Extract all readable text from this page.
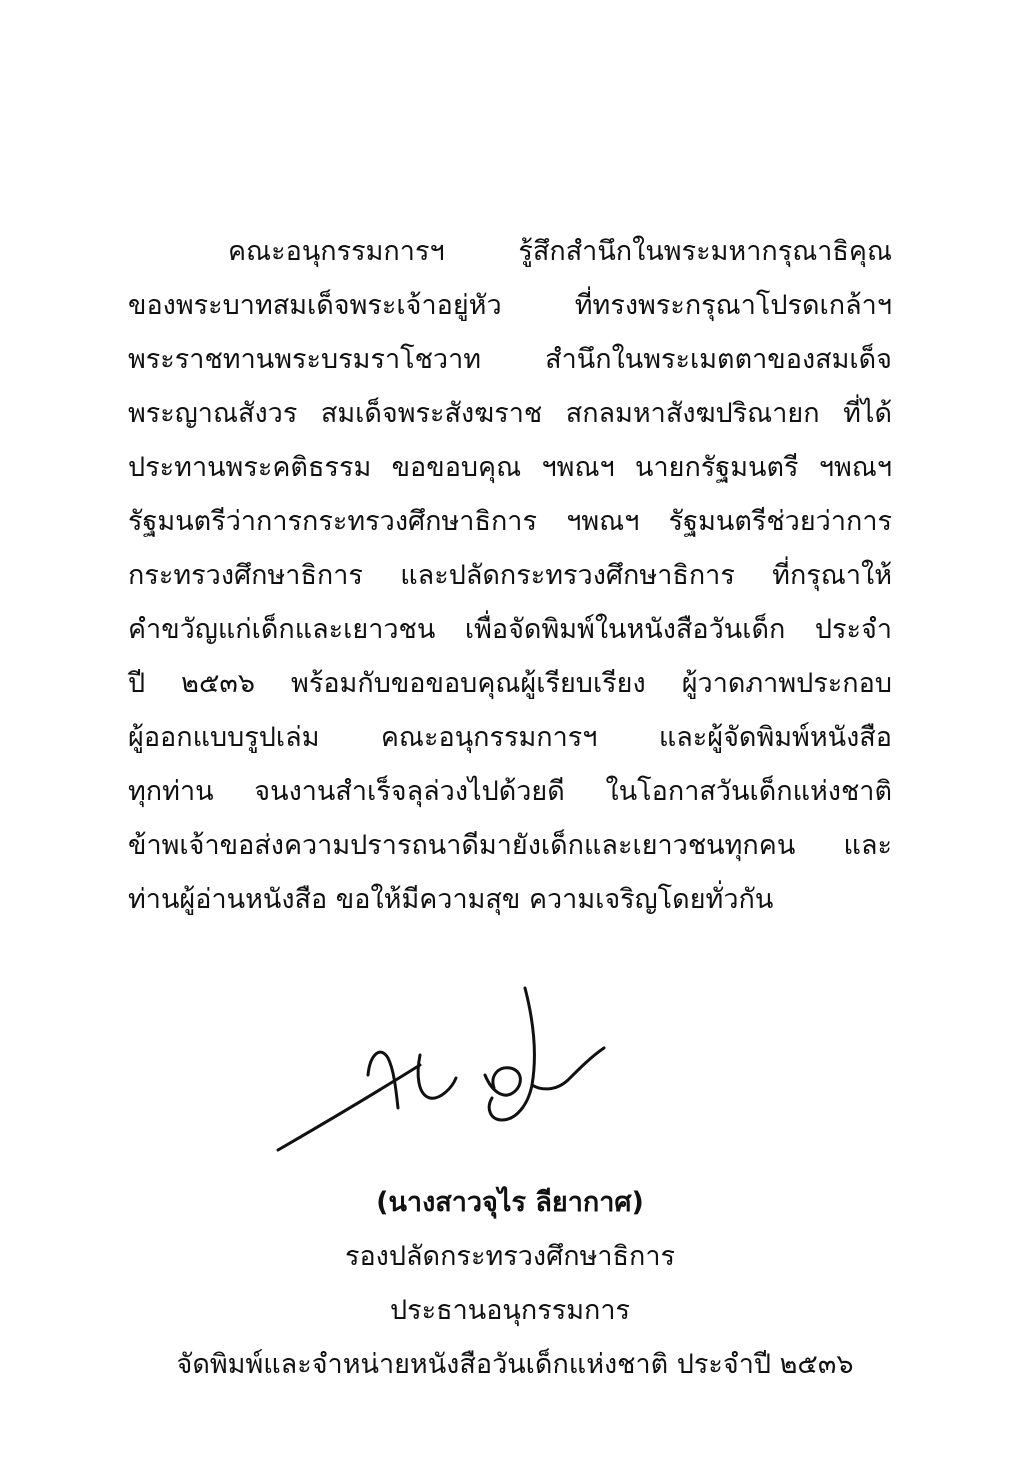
คณะอนุกรรมการฯ รู้สึกสำนึกในพระมหากรุณาธิคุณ
ของพระบาทสมเด็จพระเจ้าอยู่หัว ที่ทรงพระกรุณาโปรดเกล้าฯ
พระราชทานพระบรมราโชวาท สำนึกในพระเมตตาของสมเด็จ
พระญาณสังวร สมเด็จพระสังฆราช สกลมหาสังฆปริณายก ที่ได้
ประทานพระคติธรรม ขอขอบคุณ ฯพณฯ นายกรัฐมนตรี ฯพณฯ
รัฐมนตรีว่าการกระทรวงศึกษาธิการ ฯพณฯ รัฐมนตรีช่วยว่าการ
กระทรวงศึกษาธิการ และปลัดกระทรวงศึกษาธิการ ที่กรุณาให้
คำขวัญแก่เด็กและเยาวชน เพื่อจัดพิมพ์ในหนังสือวันเด็ก ประจำ
ปี ๒๕๓๖ พร้อมกับขอขอบคุณผู้เรียบเรียง ผู้วาดภาพประกอบ
ผู้ออกแบบรูปเล่ม คณะอนุกรรมการฯ และผู้จัดพิมพ์หนังสือ
ทุกท่าน จนงานสำเร็จลุล่วงไปด้วยดี ในโอกาสวันเด็กแห่งชาติ
ข้าพเจ้าขอส่งความปรารถนาดีมายังเด็กและเยาวชนทุกคน และ
ท่านผู้อ่านหนังสือ ขอให้มีความสุข ความเจริญโดยทั่วกัน
(นางสาวจุไร ลียากาศ)
รองปลัดกระทรวงศึกษาธิการ
ประธานอนุกรรมการ
จัดพิมพ์และจำหน่ายหนังสือวันเด็กแห่งชาติ ประจำปี ๒๕๓๖
